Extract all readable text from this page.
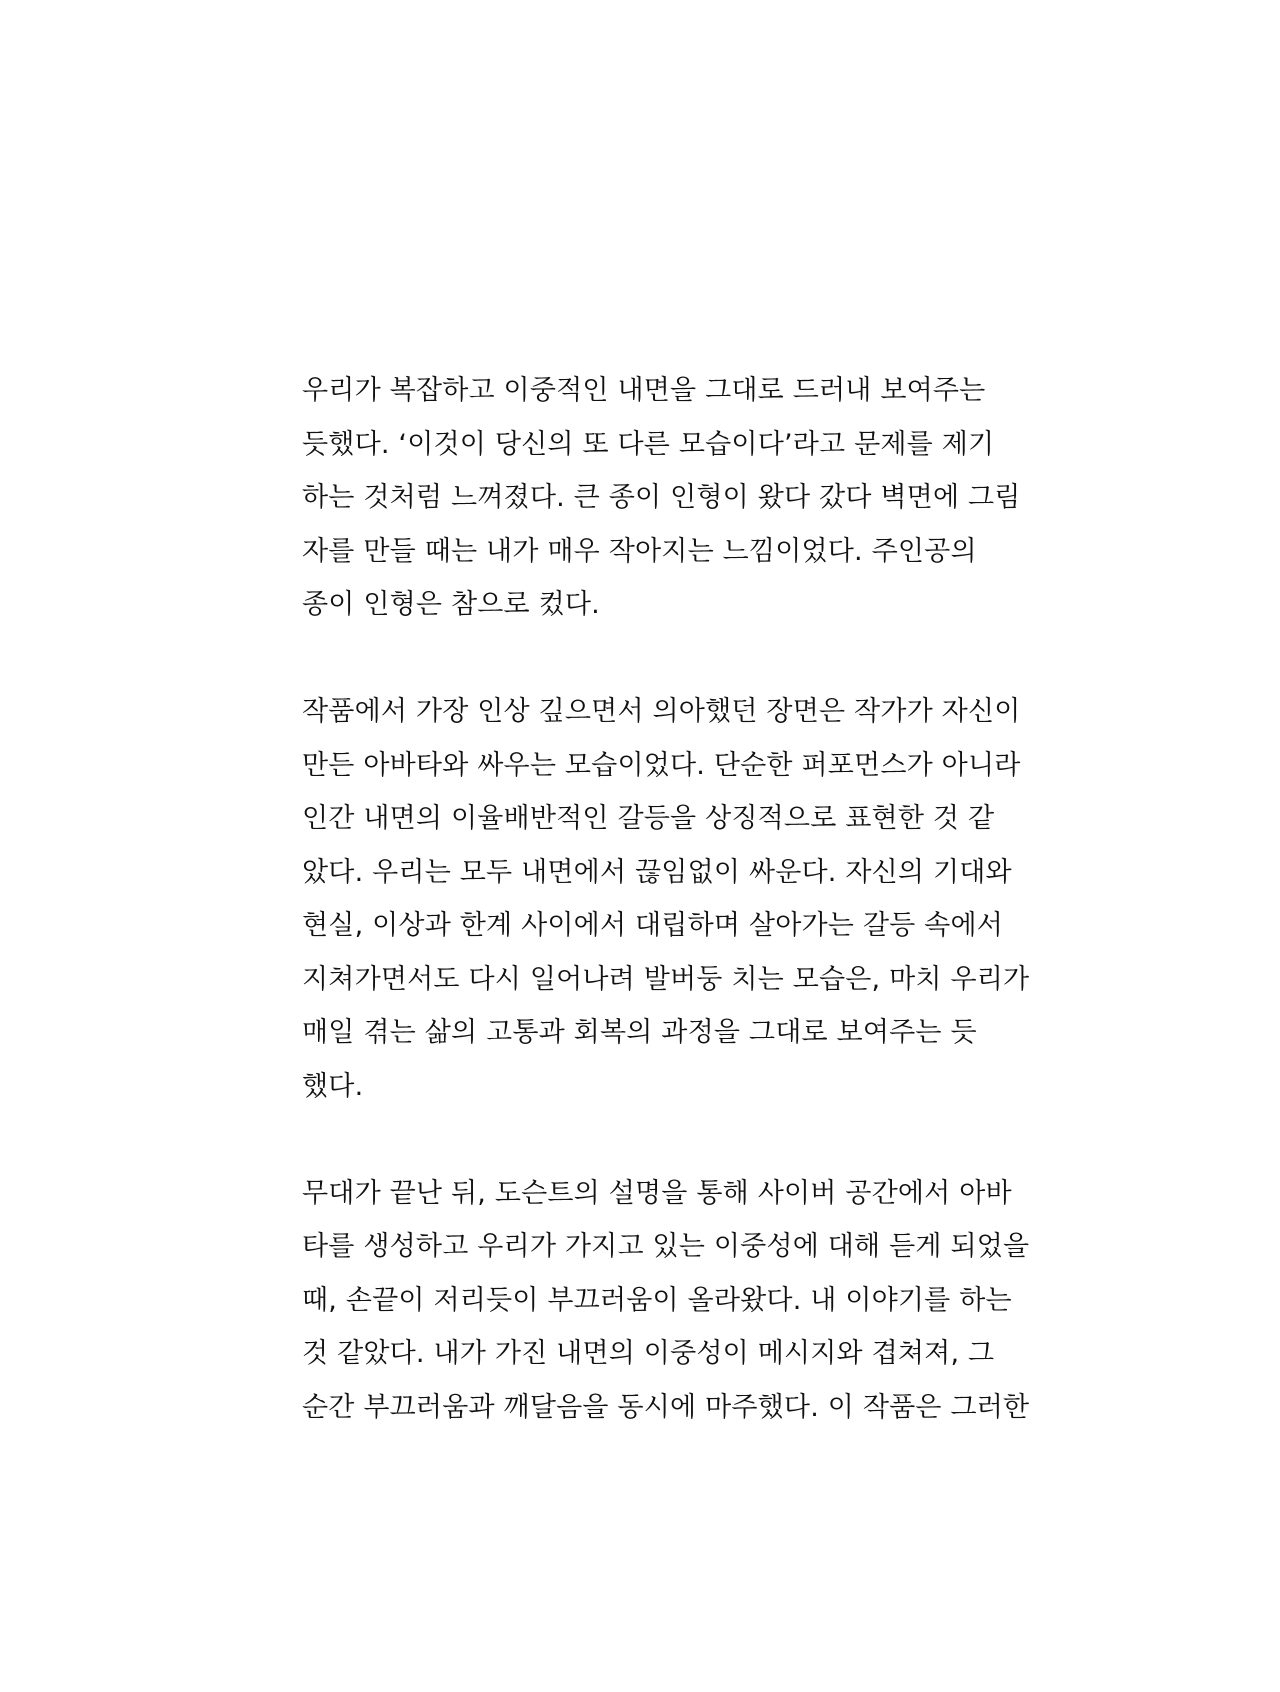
우리가 복잡하고 이중적인 내면을 그대로 드러내 보여주는
듯했다. ‘이것이 당신의 또 다른 모습이다’라고 문제를 제기
하는 것처럼 느껴졌다. 큰 종이 인형이 왔다 갔다 벽면에 그림
자를 만들 때는 내가 매우 작아지는 느낌이었다. 주인공의
종이 인형은 참으로 컸다.

작품에서 가장 인상 깊으면서 의아했던 장면은 작가가 자신이
만든 아바타와 싸우는 모습이었다. 단순한 퍼포먼스가 아니라
인간 내면의 이율배반적인 갈등을 상징적으로 표현한 것 같
았다. 우리는 모두 내면에서 끊임없이 싸운다. 자신의 기대와
현실, 이상과 한계 사이에서 대립하며 살아가는 갈등 속에서
지쳐가면서도 다시 일어나려 발버둥 치는 모습은, 마치 우리가
매일 겪는 삶의 고통과 회복의 과정을 그대로 보여주는 듯
했다.

무대가 끝난 뒤, 도슨트의 설명을 통해 사이버 공간에서 아바
타를 생성하고 우리가 가지고 있는 이중성에 대해 듣게 되었을
때, 손끝이 저리듯이 부끄러움이 올라왔다. 내 이야기를 하는
것 같았다. 내가 가진 내면의 이중성이 메시지와 겹쳐져, 그
순간 부끄러움과 깨달음을 동시에 마주했다. 이 작품은 그러한
